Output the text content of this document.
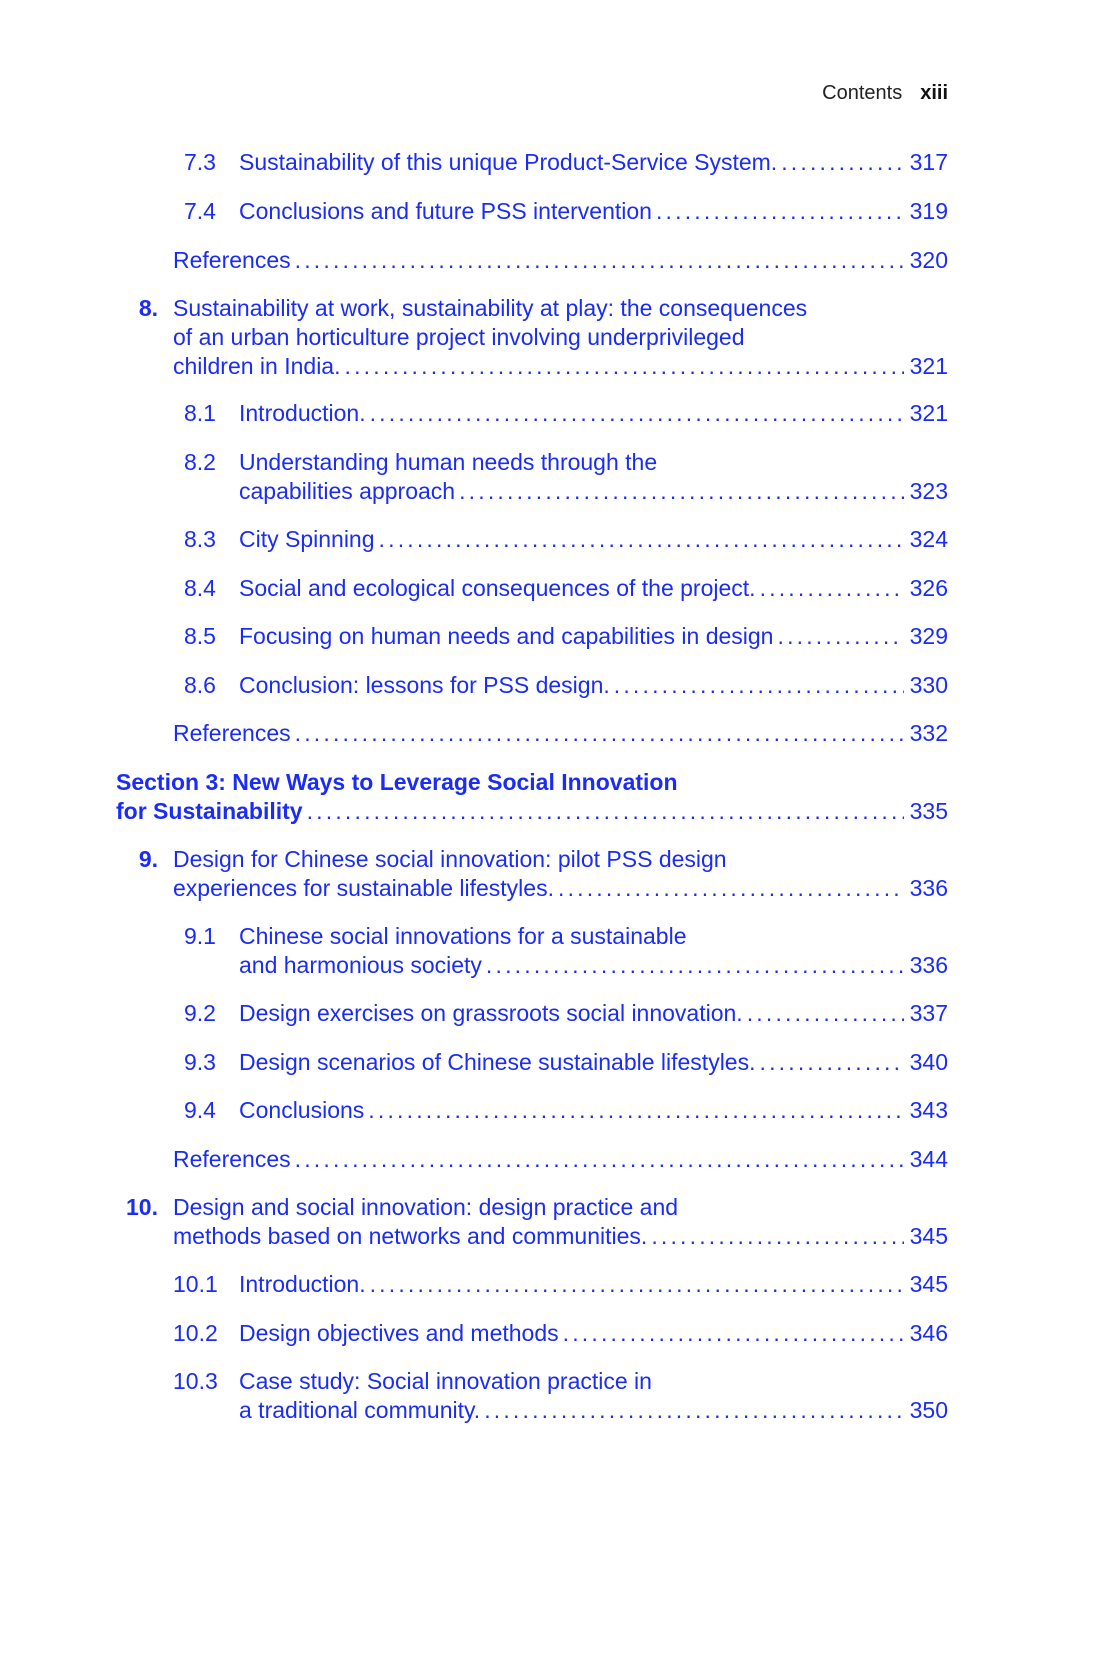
Contents xiii
7.3 Sustainability of this unique Product-Service System. . . .	317
7.4 Conclusions and future PSS intervention . . .	319
References . . .	320
8. Sustainability at work, sustainability at play: the consequences
of an urban horticulture project involving underprivileged
children in India. . . .	321
8.1 Introduction. . . .	321
8.2 Understanding human needs through the
capabilities approach . . .	323
8.3 City Spinning . . .	324
8.4 Social and ecological consequences of the project. . . .	326
8.5 Focusing on human needs and capabilities in design . . .	329
8.6 Conclusion: lessons for PSS design. . . .	330
References . . .	332
Section 3: New Ways to Leverage Social Innovation
for Sustainability . . .	335
9. Design for Chinese social innovation: pilot PSS design
experiences for sustainable lifestyles. . . .	336
9.1 Chinese social innovations for a sustainable
and harmonious society . . .	336
9.2 Design exercises on grassroots social innovation. . . .	337
9.3 Design scenarios of Chinese sustainable lifestyles. . . .	340
9.4 Conclusions . . .	343
References . . .	344
10. Design and social innovation: design practice and
methods based on networks and communities. . . .	345
10.1 Introduction. . . .	345
10.2 Design objectives and methods . . .	346
10.3 Case study: Social innovation practice in
a traditional community. . . .	350
